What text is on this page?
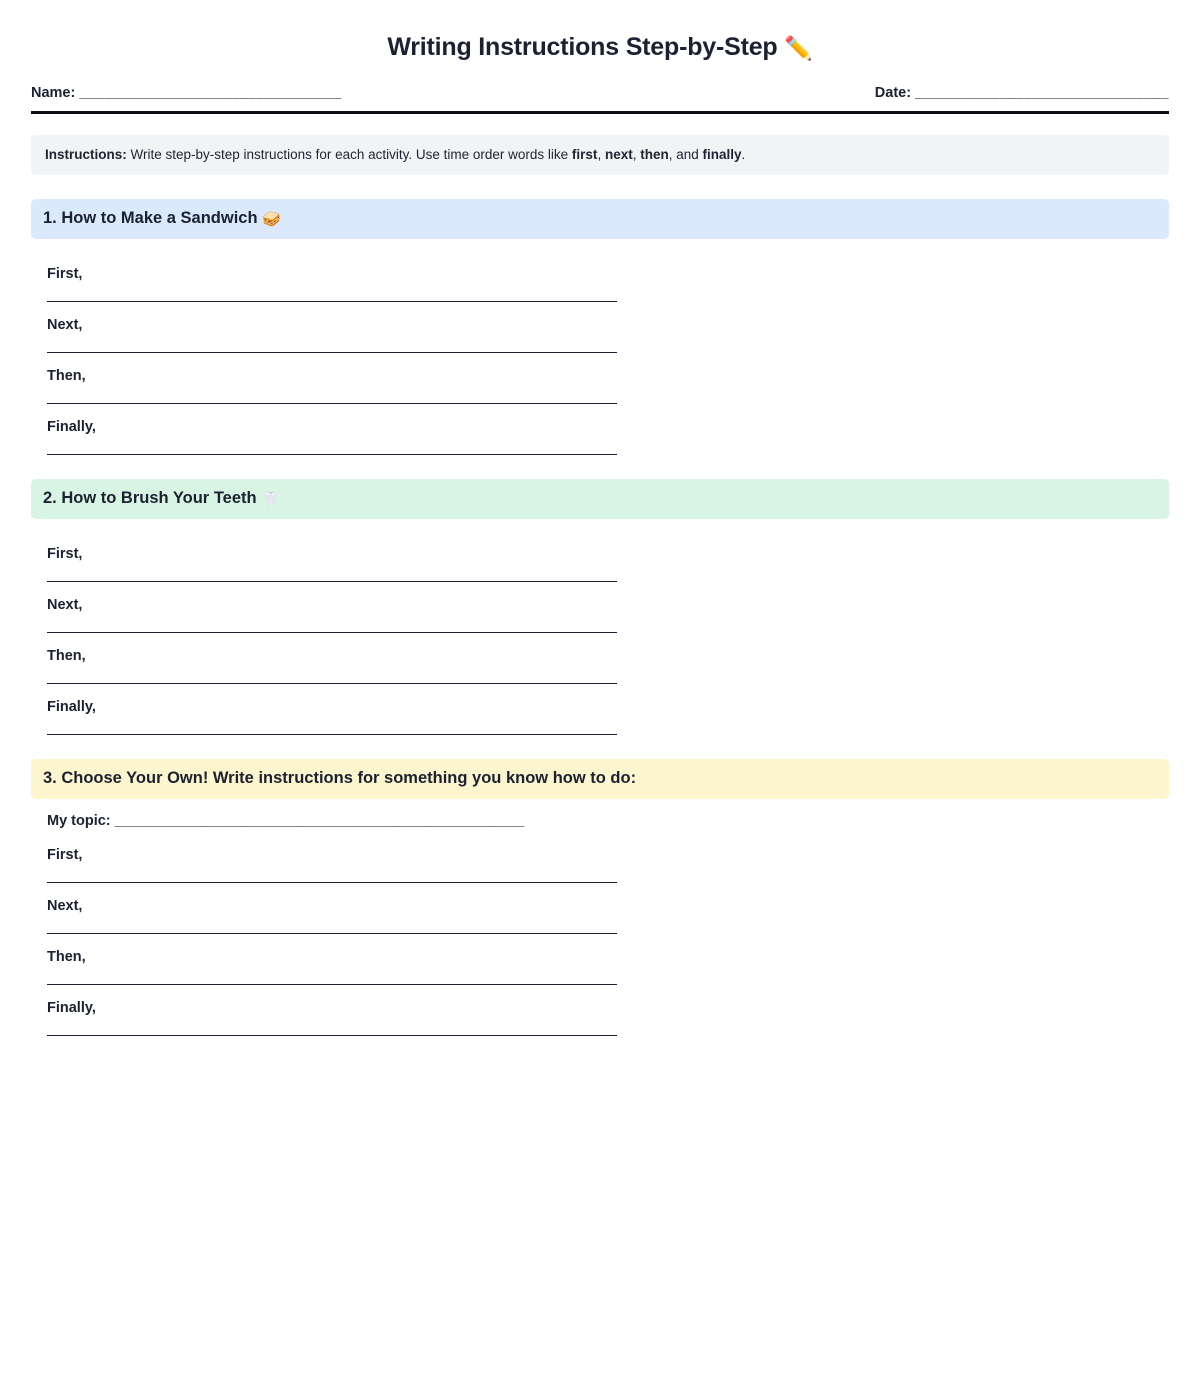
Writing Instructions Step-by-Step ✏️
Name: _______________________________	Date: ______________________________
Instructions: Write step-by-step instructions for each activity. Use time order words like first, next, then, and finally.
1. How to Make a Sandwich 🥪
First,
Next,
Then,
Finally,
2. How to Brush Your Teeth 🦷
First,
Next,
Then,
Finally,
3. Choose Your Own! Write instructions for something you know how to do:
My topic: _________________________________________________
First,
Next,
Then,
Finally,
